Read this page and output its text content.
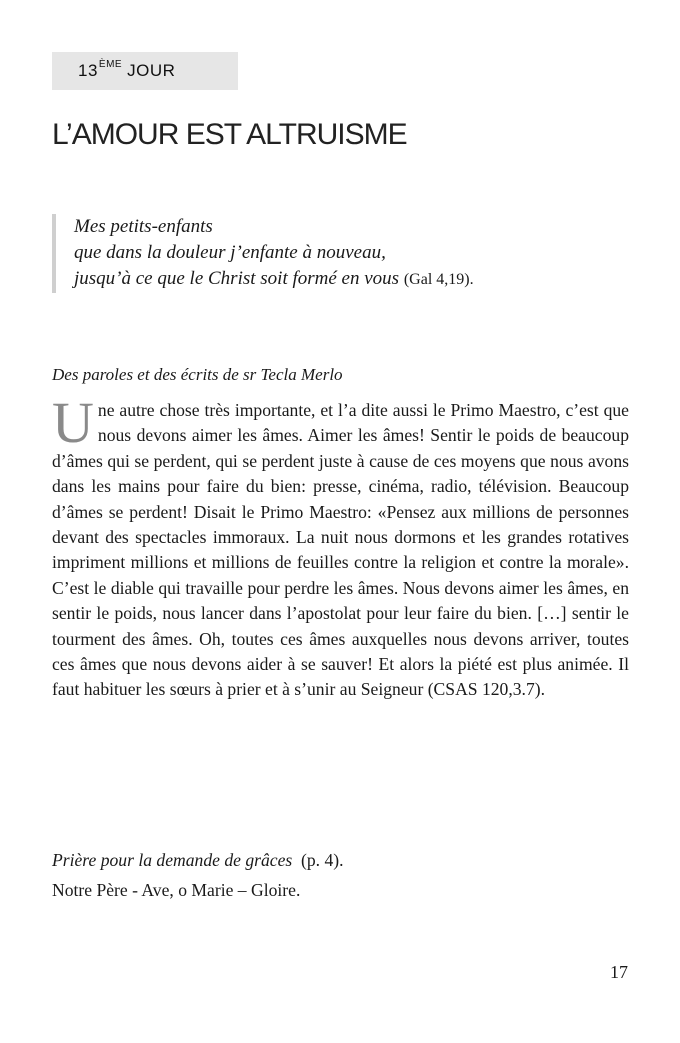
13 ÈME JOUR
L’AMOUR EST ALTRUISME
Mes petits-enfants
que dans la douleur j’enfante à nouveau,
jusqu’à ce que le Christ soit formé en vous (Gal 4,19).
Des paroles et des écrits de sr Tecla Merlo
Une autre chose très importante, et l’a dite aussi le Primo Maestro, c’est que nous devons aimer les âmes. Aimer les âmes! Sentir le poids de beaucoup d’âmes qui se perdent, qui se perdent juste à cause de ces moyens que nous avons dans les mains pour faire du bien: presse, cinéma, radio, télévision. Beaucoup d’âmes se perdent! Disait le Primo Maestro: «Pensez aux millions de personnes devant des spectacles immoraux. La nuit nous dormons et les grandes rotatives impriment millions et millions de feuilles contre la religion et contre la morale». C’est le diable qui travaille pour perdre les âmes. Nous devons aimer les âmes, en sentir le poids, nous lancer dans l’apostolat pour leur faire du bien. […] sentir le tourment des âmes. Oh, toutes ces âmes auxquelles nous devons arriver, toutes ces âmes que nous devons aider à se sauver! Et alors la piété est plus animée. Il faut habituer les sœurs à prier et à s’unir au Seigneur (CSAS 120,3.7).
Prière pour la demande de grâces (p. 4).
Notre Père - Ave, o Marie – Gloire.
17
